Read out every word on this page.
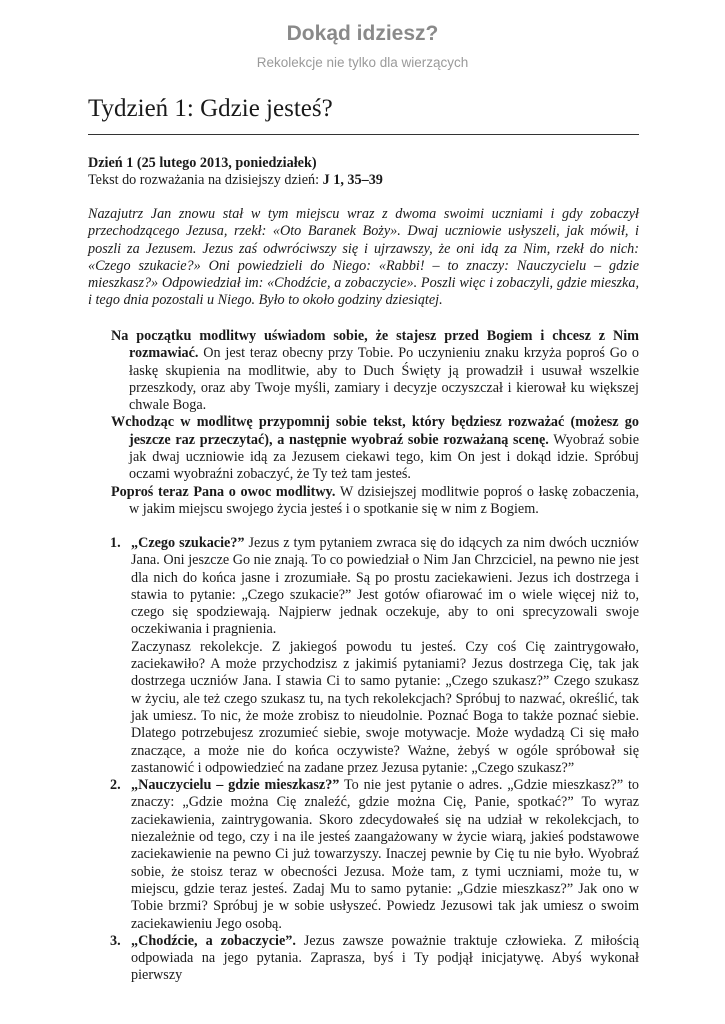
Dokąd idziesz?
Rekolekcje nie tylko dla wierzących
Tydzień 1: Gdzie jesteś?
Dzień 1 (25 lutego 2013, poniedziałek)
Tekst do rozważania na dzisiejszy dzień: J 1, 35–39

Nazajutrz Jan znowu stał w tym miejscu wraz z dwoma swoimi uczniami i gdy zobaczył przechodzącego Jezusa, rzekł: «Oto Baranek Boży». Dwaj uczniowie usłyszeli, jak mówił, i poszli za Jezusem. Jezus zaś odwróciwszy się i ujrzawszy, że oni idą za Nim, rzekł do nich: «Czego szukacie?» Oni powiedzieli do Niego: «Rabbi! – to znaczy: Nauczycielu – gdzie mieszkasz?» Odpowiedział im: «Chodźcie, a zobaczycie». Poszli więc i zobaczyli, gdzie mieszka, i tego dnia pozostali u Niego. Było to około godziny dziesiątej.

Na początku modlitwy uświadom sobie, że stajesz przed Bogiem i chcesz z Nim rozmawiać. On jest teraz obecny przy Tobie. Po uczynieniu znaku krzyża poproś Go o łaskę skupienia na modlitwie, aby to Duch Święty ją prowadził i usuwał wszelkie przeszkody, oraz aby Twoje myśli, zamiary i decyzje oczyszczał i kierował ku większej chwale Boga.

Wchodząc w modlitwę przypomnij sobie tekst, który będziesz rozważać (możesz go jeszcze raz przeczytać), a następnie wyobraź sobie rozważaną scenę. Wyobraź sobie jak dwaj uczniowie idą za Jezusem ciekawi tego, kim On jest i dokąd idzie. Spróbuj oczami wyobraźni zobaczyć, że Ty też tam jesteś.

Poproś teraz Pana o owoc modlitwy. W dzisiejszej modlitwie poproś o łaskę zobaczenia, w jakim miejscu swojego życia jesteś i o spotkanie się w nim z Bogiem.

1. „Czego szukacie?” Jezus z tym pytaniem zwraca się do idących za nim dwóch uczniów Jana. Oni jeszcze Go nie znają. To co powiedział o Nim Jan Chrzciciel, na pewno nie jest dla nich do końca jasne i zrozumiałe. Są po prostu zaciekawieni. Jezus ich dostrzega i stawia to pytanie: „Czego szukacie?” Jest gotów ofiarować im o wiele więcej niż to, czego się spodziewają. Najpierw jednak oczekuje, aby to oni sprecyzowali swoje oczekiwania i pragnienia.

Zaczynasz rekolekcje. Z jakiegoś powodu tu jesteś. Czy coś Cię zaintrygowało, zaciekawiło? A może przychodzisz z jakimiś pytaniami? Jezus dostrzega Cię, tak jak dostrzega uczniów Jana. I stawia Ci to samo pytanie: „Czego szukasz?” Czego szukasz w życiu, ale też czego szukasz tu, na tych rekolekcjach? Spróbuj to nazwać, określić, tak jak umiesz. To nic, że może zrobisz to nieudolnie. Poznać Boga to także poznać siebie. Dlatego potrzebujesz zrozumieć siebie, swoje motywacje. Może wydadzą Ci się mało znaczące, a może nie do końca oczywiste? Ważne, żebyś w ogóle spróbował się zastanowić i odpowiedzieć na zadane przez Jezusa pytanie: „Czego szukasz?”

2. „Nauczycielu – gdzie mieszkasz?” To nie jest pytanie o adres. „Gdzie mieszkasz?” to znaczy: „Gdzie można Cię znaleźć, gdzie można Cię, Panie, spotkać?” To wyraz zaciekawienia, zaintrygowania. Skoro zdecydowałeś się na udział w rekolekcjach, to niezależnie od tego, czy i na ile jesteś zaangażowany w życie wiarą, jakieś podstawowe zaciekawienie na pewno Ci już towarzyszy. Inaczej pewnie by Cię tu nie było. Wyobraź sobie, że stoisz teraz w obecności Jezusa. Może tam, z tymi uczniami, może tu, w miejscu, gdzie teraz jesteś. Zadaj Mu to samo pytanie: „Gdzie mieszkasz?” Jak ono w Tobie brzmi? Spróbuj je w sobie usłyszeć. Powiedz Jezusowi tak jak umiesz o swoim zaciekawieniu Jego osobą.

3. „Chodźcie, a zobaczycie”. Jezus zawsze poważnie traktuje człowieka. Z miłością odpowiada na jego pytania. Zaprasza, byś i Ty podjął inicjatywę. Abyś wykonał pierwszy
